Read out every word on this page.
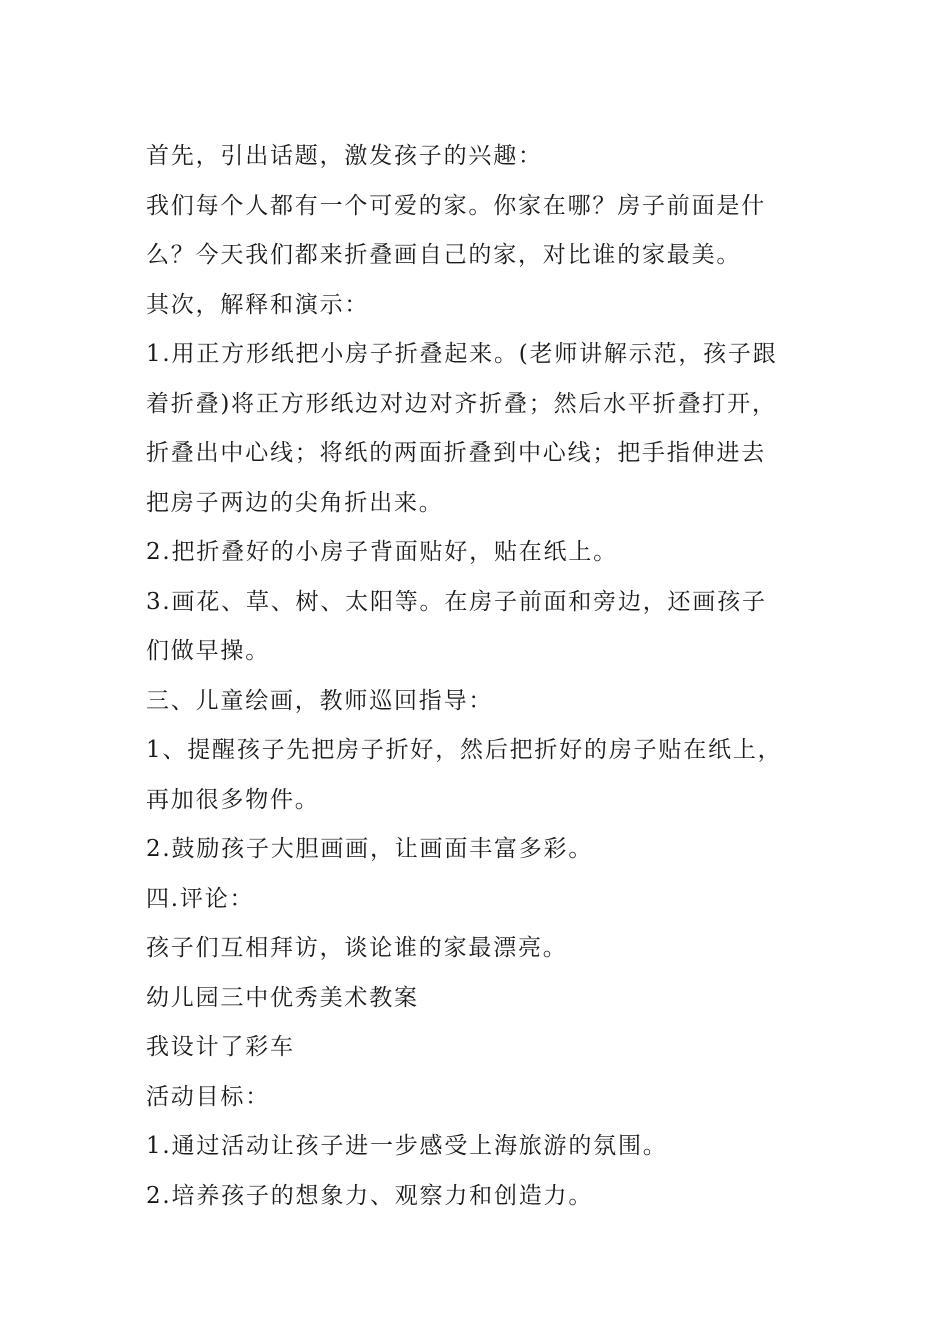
首先，引出话题，激发孩子的兴趣：
我们每个人都有一个可爱的家。你家在哪？房子前面是什
么？今天我们都来折叠画自己的家，对比谁的家最美。
其次，解释和演示：
1.用正方形纸把小房子折叠起来。(老师讲解示范，孩子跟
着折叠)将正方形纸边对边对齐折叠；然后水平折叠打开，
折叠出中心线；将纸的两面折叠到中心线；把手指伸进去
把房子两边的尖角折出来。
2.把折叠好的小房子背面贴好，贴在纸上。
3.画花、草、树、太阳等。在房子前面和旁边，还画孩子
们做早操。
三、儿童绘画，教师巡回指导：
1、提醒孩子先把房子折好，然后把折好的房子贴在纸上，
再加很多物件。
2.鼓励孩子大胆画画，让画面丰富多彩。
四.评论：
孩子们互相拜访，谈论谁的家最漂亮。
幼儿园三中优秀美术教案
我设计了彩车
活动目标：
1.通过活动让孩子进一步感受上海旅游的氛围。
2.培养孩子的想象力、观察力和创造力。
